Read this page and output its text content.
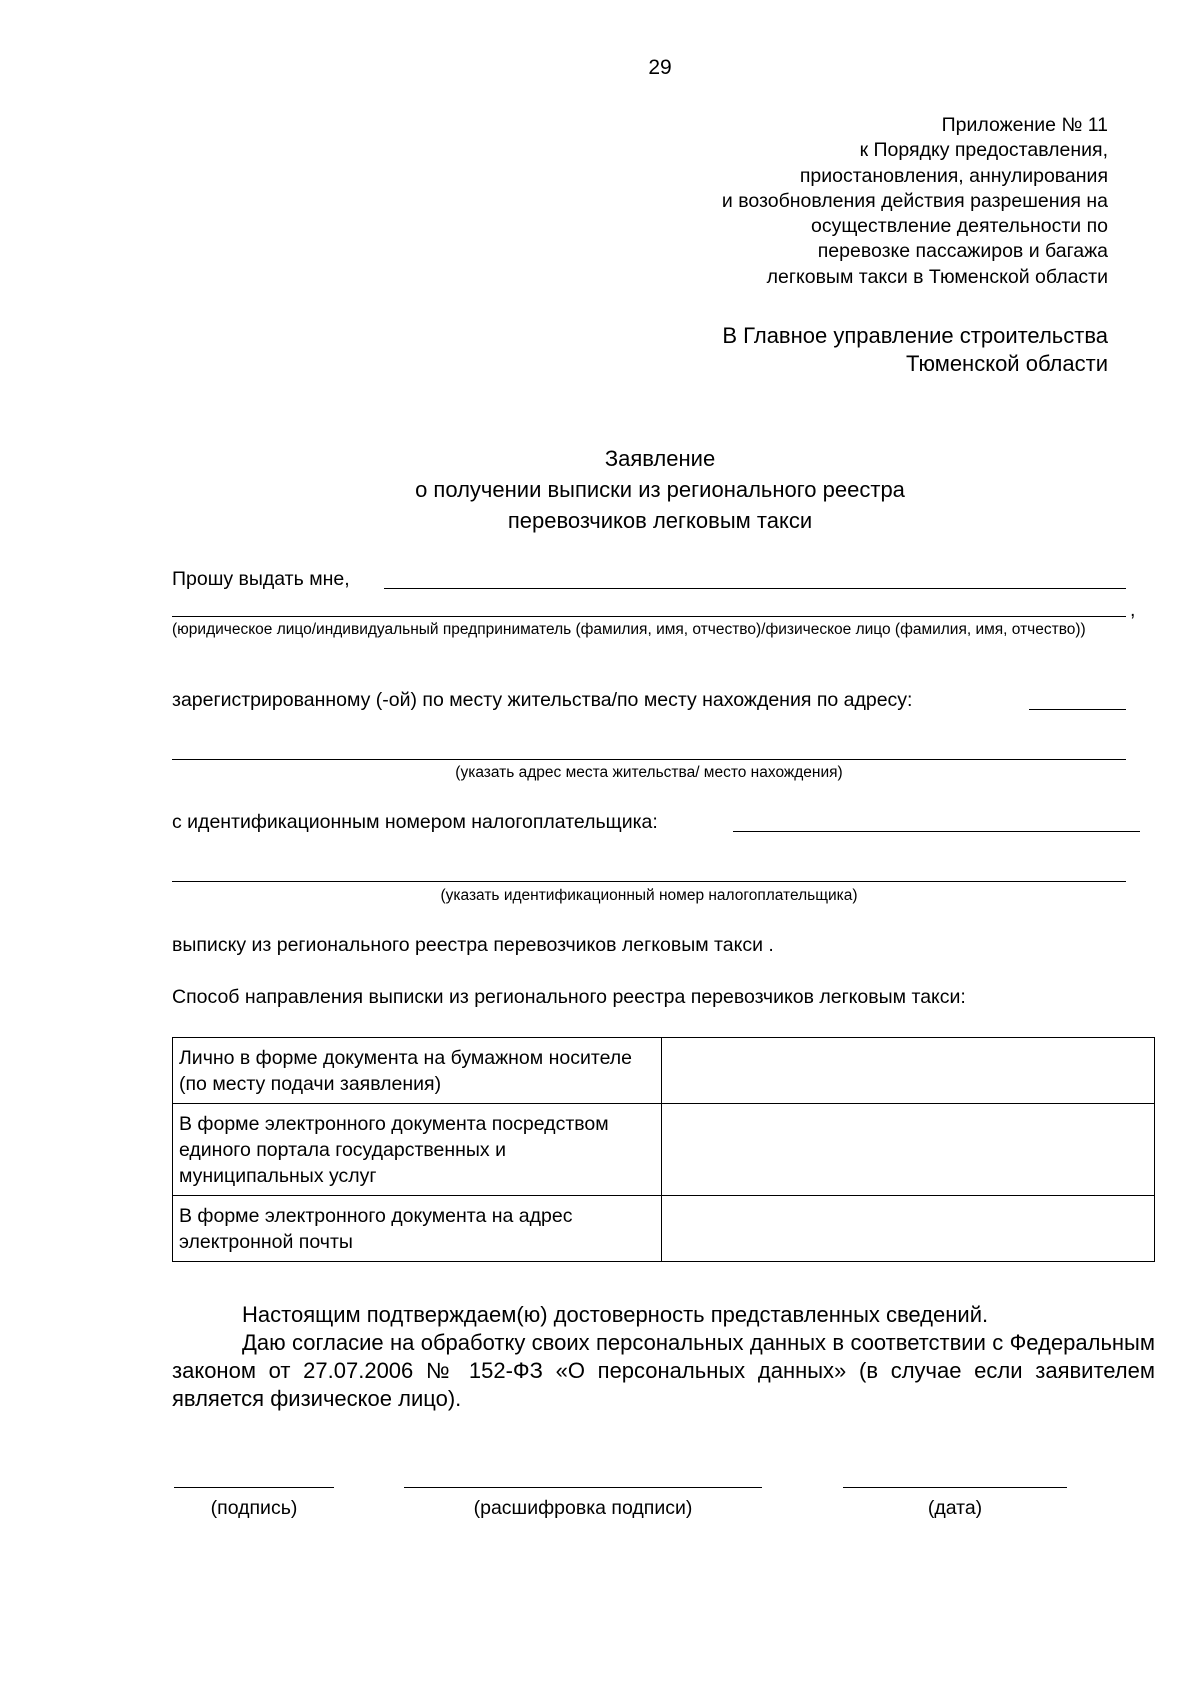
29
Приложение № 11
к Порядку предоставления,
приостановления, аннулирования
и возобновления действия разрешения на
осуществление деятельности по
перевозке пассажиров и багажа
легковым такси в Тюменской области
В Главное управление строительства
Тюменской области
Заявление
о получении выписки из регионального реестра
перевозчиков легковым такси
Прошу выдать мне,
,
(юридическое лицо/индивидуальный предприниматель (фамилия, имя, отчество)/физическое лицо (фамилия, имя, отчество))
зарегистрированному (-ой) по месту жительства/по месту нахождения по адресу:
(указать адрес места жительства/ место нахождения)
с идентификационным номером налогоплательщика:
(указать идентификационный номер налогоплательщика)
выписку из регионального реестра перевозчиков легковым такси .
Способ направления выписки из регионального реестра перевозчиков легковым такси:
Лично в форме документа на бумажном носителе (по месту подачи заявления)	
В форме электронного документа посредством единого портала государственных и муниципальных услуг	
В форме электронного документа на адрес электронной почты	

Настоящим подтверждаем(ю) достоверность представленных сведений.

Даю согласие на обработку своих персональных данных в соответствии с Федеральным законом от 27.07.2006 № 152-ФЗ «О персональных данных» (в случае если заявителем является физическое лицо).

(подпись)	(расшифровка подписи)	(дата)
